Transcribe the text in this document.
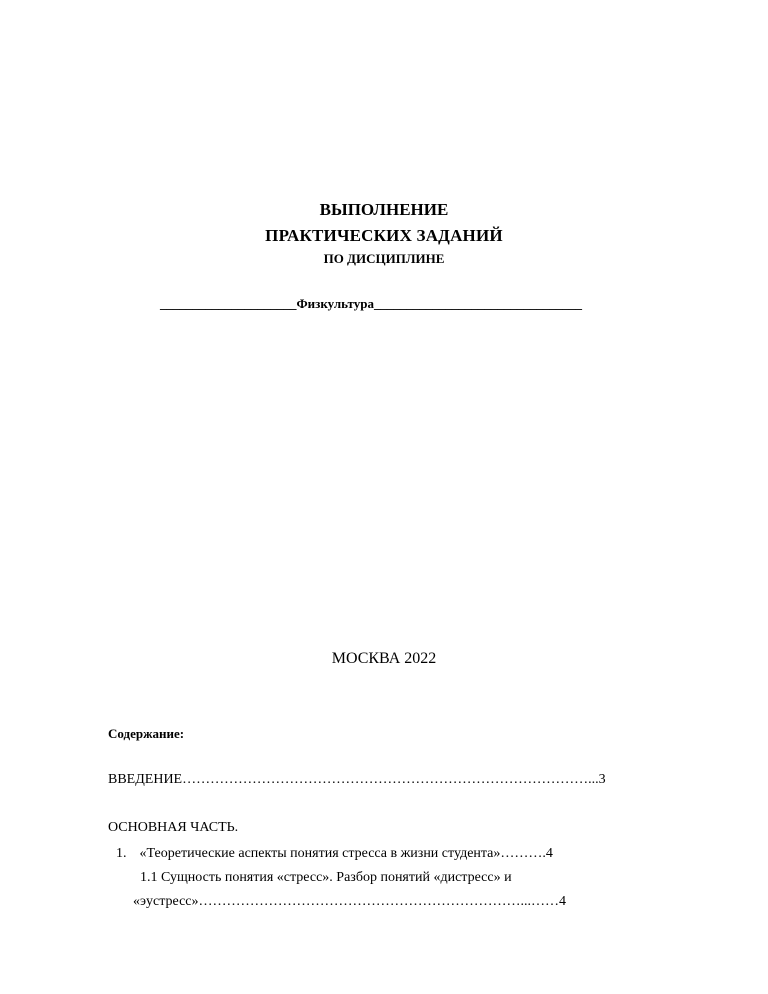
ВЫПОЛНЕНИЕ
ПРАКТИЧЕСКИХ ЗАДАНИЙ
ПО ДИСЦИПЛИНЕ
_____________________Физкультура________________________________
МОСКВА 2022
Содержание:
ВВЕДЕНИЕ……………………………………………………………………………...3
ОСНОВНАЯ ЧАСТЬ.
1. «Теоретические аспекты понятия стресса в жизни студента»……….4
1.1 Сущность понятия «стресс». Разбор понятий «дистресс» и
«эустресс»……………………………………………………………...……4
